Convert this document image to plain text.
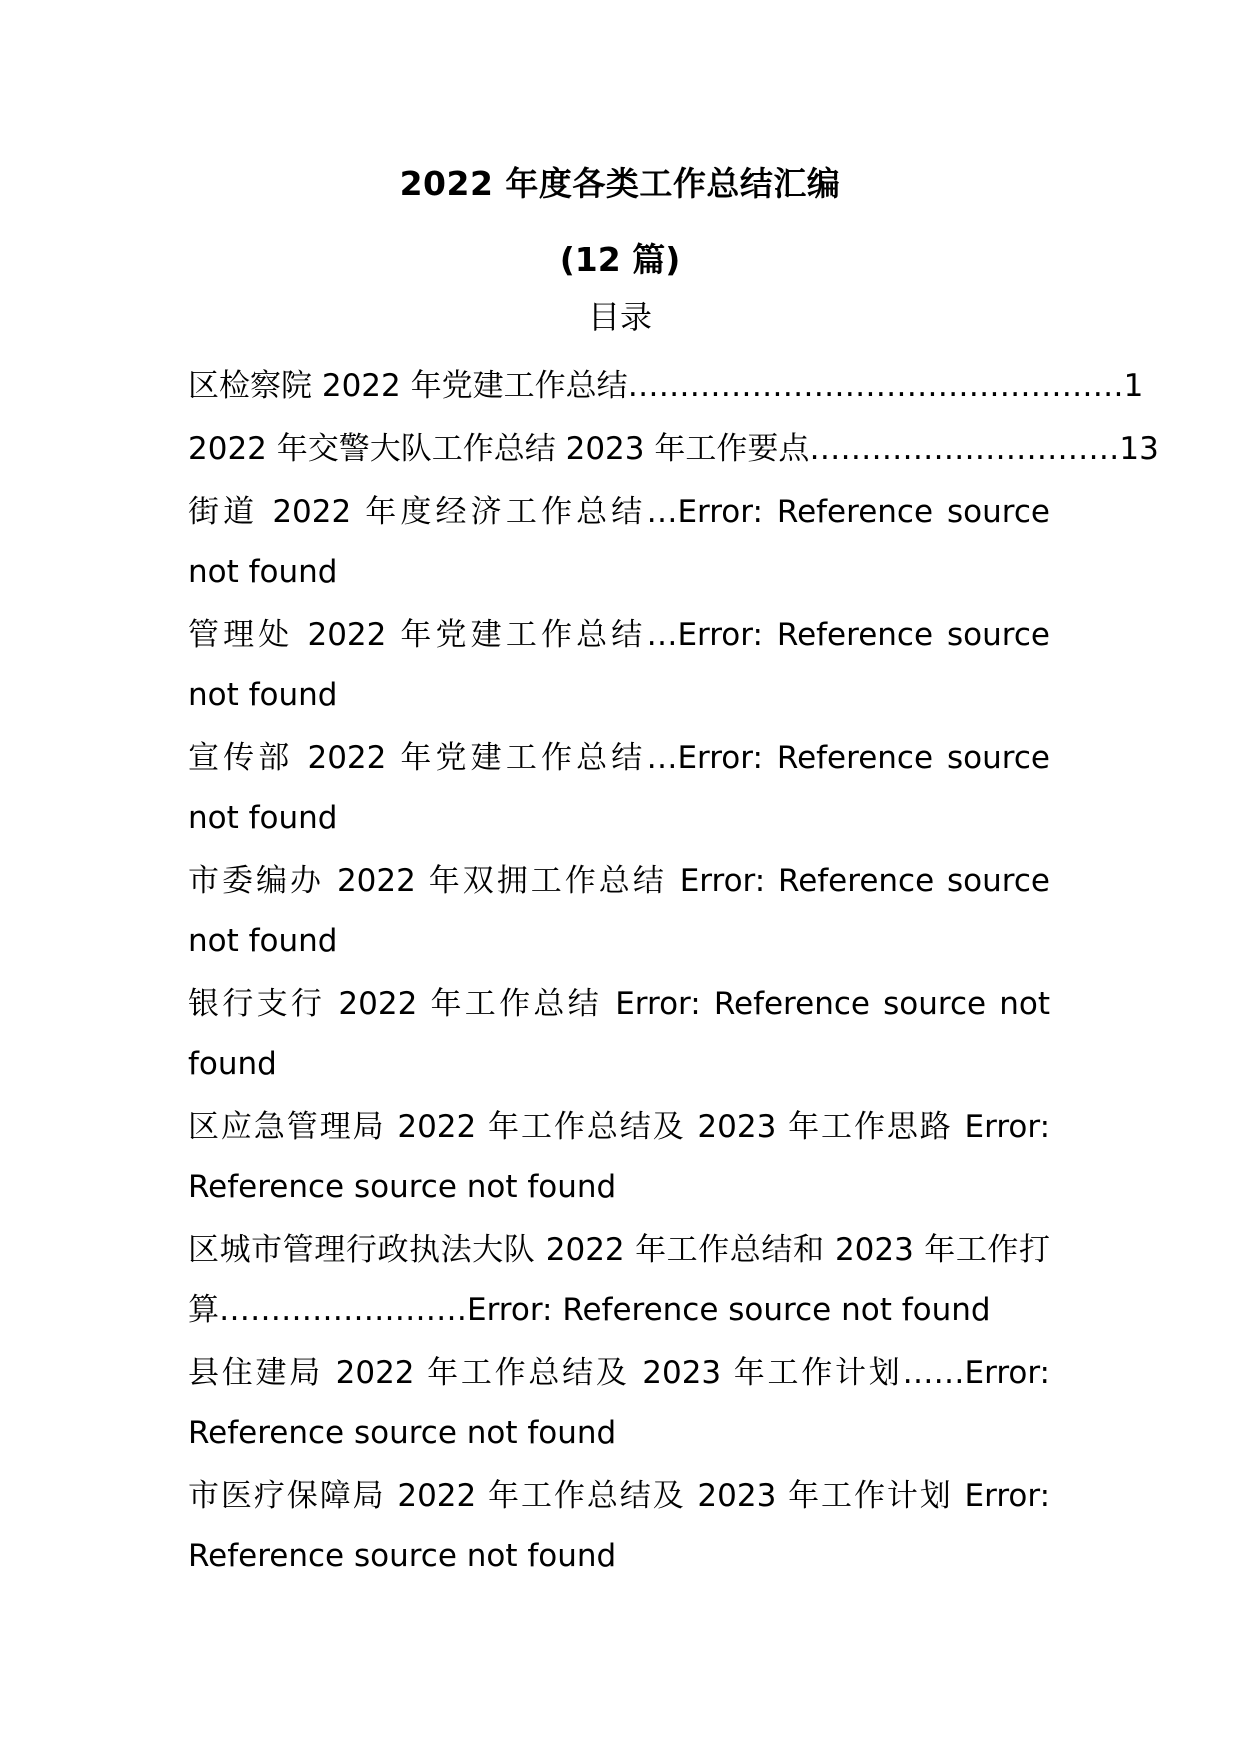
2022 年度各类工作总结汇编
(12 篇)
目录
区检察院 2022 年党建工作总结 ………………………………………… 1
2022 年交警大队工作总结 2023 年工作要点 ………………………… 13
街道 2022 年度经济工作总结…Error: Reference source not found
管理处 2022 年党建工作总结…Error: Reference source not found
宣传部 2022 年党建工作总结…Error: Reference source not found
市委编办 2022 年双拥工作总结 Error: Reference source not found
银行支行 2022 年工作总结 Error: Reference source not found
区应急管理局 2022 年工作总结及 2023 年工作思路 Error: Reference source not found
区城市管理行政执法大队 2022 年工作总结和 2023 年工作打算……………………Error: Reference source not found
县住建局 2022 年工作总结及 2023 年工作计划……Error: Reference source not found
市医疗保障局 2022 年工作总结及 2023 年工作计划 Error: Reference source not found
